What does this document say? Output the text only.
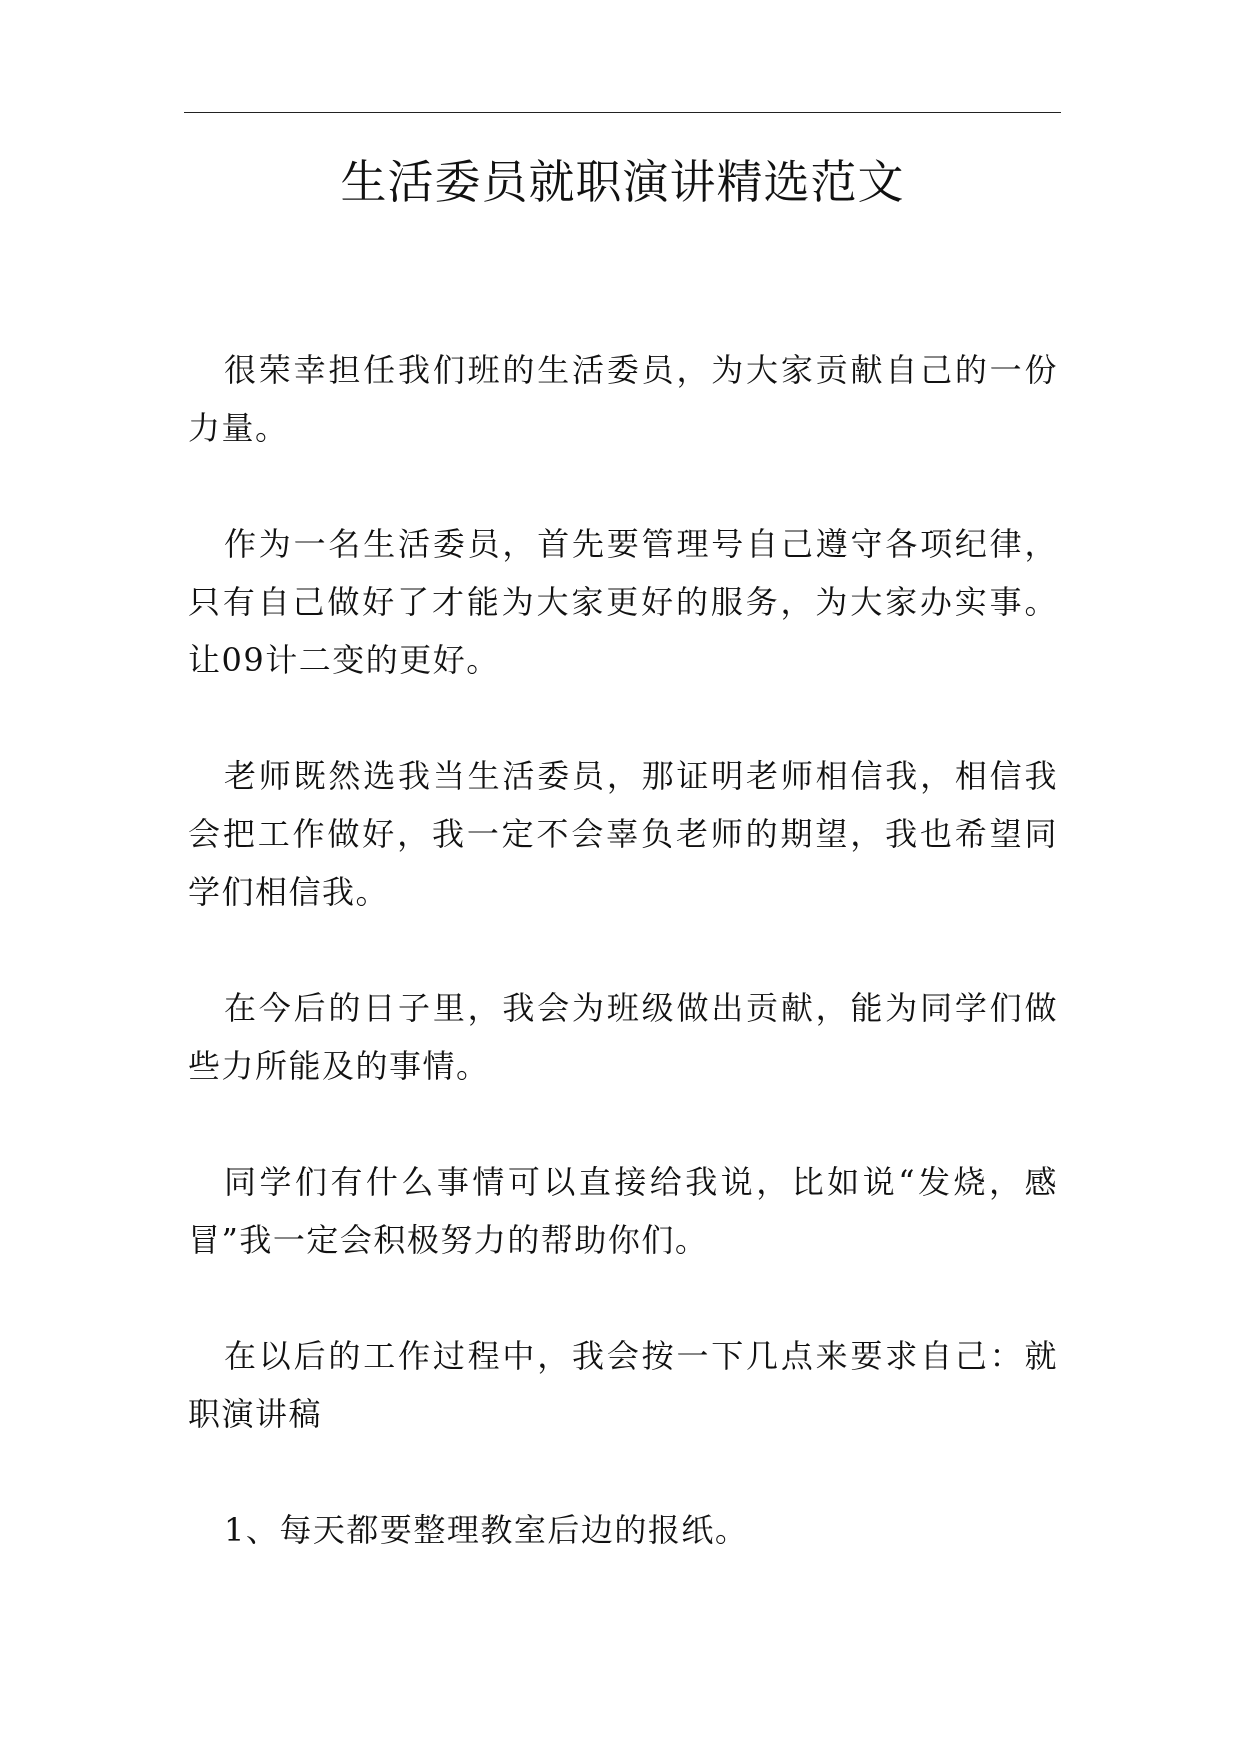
生活委员就职演讲精选范文

很荣幸担任我们班的生活委员，为大家贡献自己的一份力量。

作为一名生活委员，首先要管理号自己遵守各项纪律，只有自己做好了才能为大家更好的服务，为大家办实事。让09计二变的更好。

老师既然选我当生活委员，那证明老师相信我，相信我会把工作做好，我一定不会辜负老师的期望，我也希望同学们相信我。

在今后的日子里，我会为班级做出贡献，能为同学们做些力所能及的事情。

同学们有什么事情可以直接给我说，比如说“发烧，感冒”我一定会积极努力的帮助你们。

在以后的工作过程中，我会按一下几点来要求自己：就职演讲稿

1、每天都要整理教室后边的报纸。
